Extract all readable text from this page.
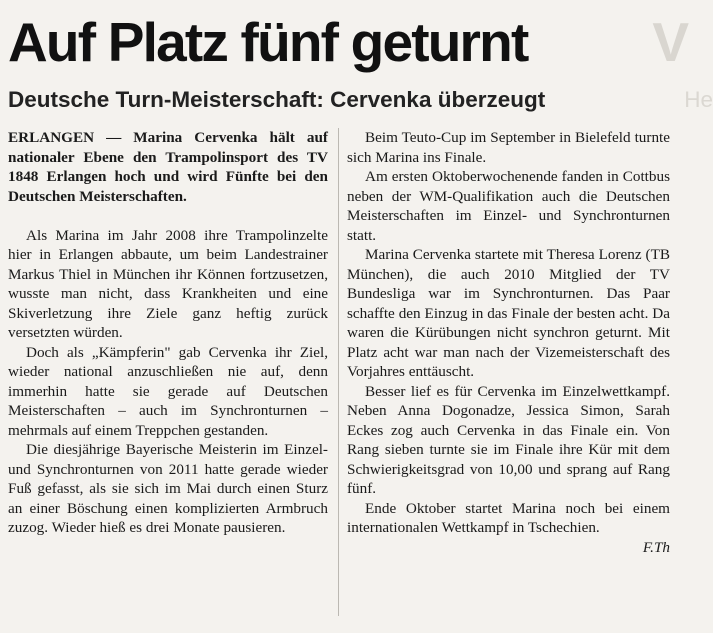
V
He
Auf Platz fünf geturnt
Deutsche Turn-Meisterschaft: Cervenka überzeugt

ERLANGEN — Marina Cervenka hält auf nationaler Ebene den Trampolinsport des TV 1848 Erlangen hoch und wird Fünfte bei den Deutschen Meisterschaften.

Als Marina im Jahr 2008 ihre Trampolinzelte hier in Erlangen abbaute, um beim Landestrainer Markus Thiel in München ihr Können fortzusetzen, wusste man nicht, dass Krankheiten und eine Skiverletzung ihre Ziele ganz heftig zurück versetzten würden.

Doch als „Kämpferin" gab Cervenka ihr Ziel, wieder national anzuschließen nie auf, denn immerhin hatte sie gerade auf Deutschen Meisterschaften – auch im Synchronturnen – mehrmals auf einem Treppchen gestanden.

Die diesjährige Bayerische Meisterin im Einzel- und Synchronturnen von 2011 hatte gerade wieder Fuß gefasst, als sie sich im Mai durch einen Sturz an einer Böschung einen komplizierten Armbruch zuzog. Wieder hieß es drei Monate pausieren.

Beim Teuto-Cup im September in Bielefeld turnte sich Marina ins Finale.

Am ersten Oktoberwochenende fanden in Cottbus neben der WM-Qualifikation auch die Deutschen Meisterschaften im Einzel- und Synchronturnen statt.

Marina Cervenka startete mit Theresa Lorenz (TB München), die auch 2010 Mitglied der TV Bundesliga war im Synchronturnen. Das Paar schaffte den Einzug in das Finale der besten acht. Da waren die Kürübungen nicht synchron geturnt. Mit Platz acht war man nach der Vizemeisterschaft des Vorjahres enttäuscht.

Besser lief es für Cervenka im Einzelwettkampf. Neben Anna Dogonadze, Jessica Simon, Sarah Eckes zog auch Cervenka in das Finale ein. Von Rang sieben turnte sie im Finale ihre Kür mit dem Schwierigkeitsgrad von 10,00 und sprang auf Rang fünf.

Ende Oktober startet Marina noch bei einem internationalen Wettkampf in Tschechien.

F.Th
